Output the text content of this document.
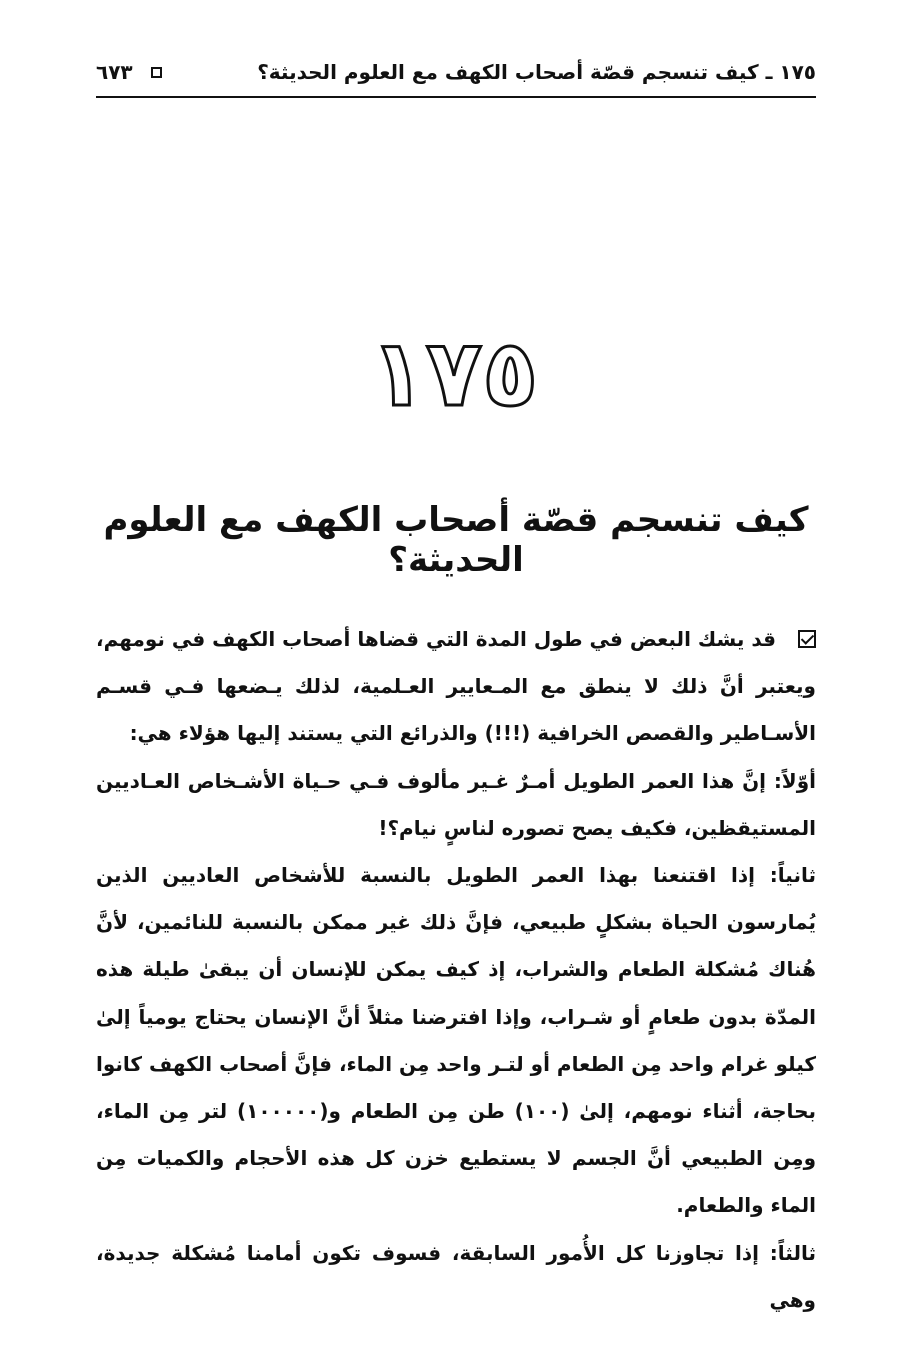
١٧٥ ـ كيف تنسجم قصّة أصحاب الكهف مع العلوم الحديثة؟
٦٧٣
١٧٥
كيف تنسجم قصّة أصحاب الكهف مع العلوم الحديثة؟

قد يشك البعض في طول المدة التي قضاها أصحاب الكهف في نومهم، ويعتبر أنَّ ذلك لا ينطق مع المـعايير العـلمية، لذلك يـضعها فـي قسـم الأسـاطير والقصص الخرافية (!!!) والذرائع التي يستند إليها هؤلاء هي:

أوّلاً: إنَّ هذا العمر الطويل أمـرٌ غـير مألوف فـي حـياة الأشـخاص العـاديين المستيقظين، فكيف يصح تصوره لناسٍ نيام؟!

ثانياً: إذا اقتنعنا بهذا العمر الطويل بالنسبة للأشخاص العاديين الذين يُمارسون الحياة بشكلٍ طبيعي، فإنَّ ذلك غير ممكن بالنسبة للنائمين، لأنَّ هُناك مُشكلة الطعام والشراب، إذ كيف يمكن للإنسان أن يبقىٰ طيلة هذه المدّة بدون طعامٍ أو شـراب، وإذا افترضنا مثلاً أنَّ الإنسان يحتاج يومياً إلىٰ كيلو غرام واحد مِن الطعام أو لتـر واحد مِن الماء، فإنَّ أصحاب الكهف كانوا بحاجة، أثناء نومهم، إلىٰ (١٠٠) طن مِن الطعام و(١٠٠٠٠٠) لتر مِن الماء، ومِن الطبيعي أنَّ الجسم لا يستطيع خزن كل هذه الأحجام والكميات مِن الماء والطعام.

ثالثاً: إذا تجاوزنا كل الأُمور السابقة، فسوف تكون أمامنا مُشكلة جديدة، وهي
